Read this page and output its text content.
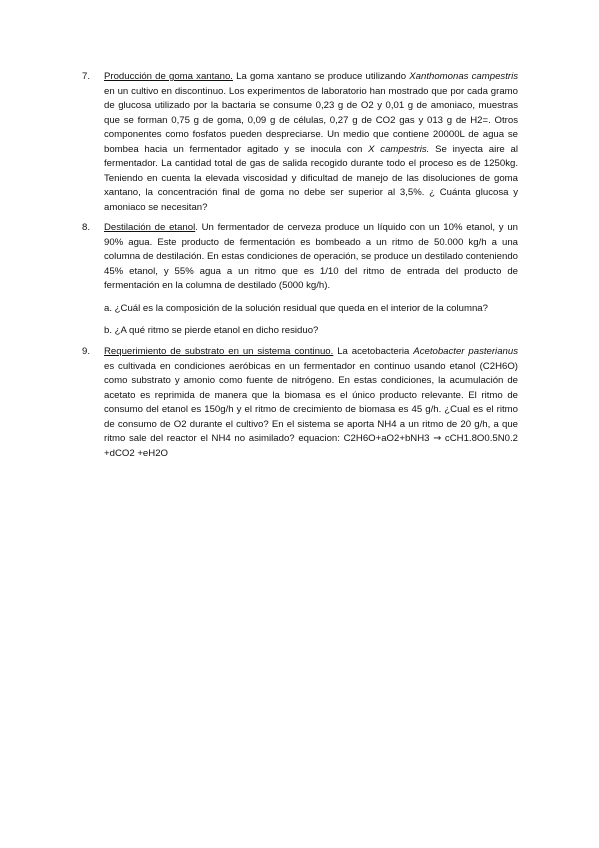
7.	Producción de goma xantano. La goma xantano se produce utilizando Xanthomonas campestris en un cultivo en discontinuo. Los experimentos de laboratorio han mostrado que por cada gramo de glucosa utilizado por la bactaria se consume 0,23 g de O2 y 0,01 g de amoniaco, muestras que se forman 0,75 g de goma, 0,09 g de células, 0,27 g de CO2 gas y 013 g de H2=. Otros componentes como fosfatos pueden despreciarse. Un medio que contiene 20000L de agua se bombea hacia un fermentador agitado y se inocula con X campestris. Se inyecta aire al fermentador. La cantidad total de gas de salida recogido durante todo el proceso es de 1250kg. Teniendo en cuenta la elevada viscosidad y dificultad de manejo de las disoluciones de goma xantano, la concentración final de goma no debe ser superior al 3,5%. ¿ Cuánta glucosa y amoniaco se necesitan?
8.	Destilación de etanol. Un fermentador de cerveza produce un líquido con un 10% etanol, y un 90% agua. Este producto de fermentación es bombeado a un ritmo de 50.000 kg/h a una columna de destilación. En estas condiciones de operación, se produce un destilado conteniendo 45% etanol, y 55% agua a un ritmo que es 1/10 del ritmo de entrada del producto de fermentación en la columna de destilado (5000 kg/h).
a. ¿Cuál es la composición de la solución residual que queda en el interior de la columna?
b. ¿A qué ritmo se pierde etanol en dicho residuo?
9.	Requerimiento de substrato en un sistema continuo. La acetobacteria Acetobacter pasterianus es cultivada en condiciones aeróbicas en un fermentador en continuo usando etanol (C2H6O) como substrato y amonio como fuente de nitrógeno. En estas condiciones, la acumulación de acetato es reprimida de manera que la biomasa es el único producto relevante. El ritmo de consumo del etanol es 150g/h y el ritmo de crecimiento de biomasa es 45 g/h. ¿Cual es el ritmo de consumo de O2 durante el cultivo? En el sistema se aporta NH4 a un ritmo de 20 g/h, a que ritmo sale del reactor el NH4 no asimilado? equacion: C2H6O+aO2+bNH3 → cCH1.8O0.5N0.2 +dCO2 +eH2O
